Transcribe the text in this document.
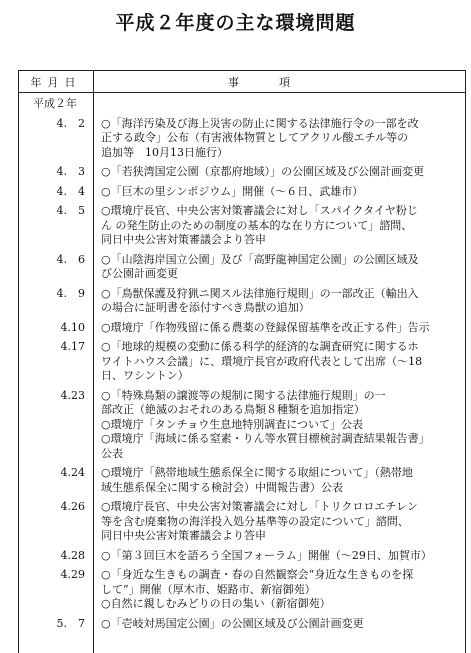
平成２年度の主な環境問題
年月日	事項
平成２年

4.　2 ○「海洋汚染及び海上災害の防止に関する法律施行令の一部を改
正する政令」公布（有害液体物質としてアクリル酸エチル等の
追加等　10月13日施行）
4.　3 ○「若狭湾国定公園（京都府地域）」の公園区域及び公園計画変更
4.　4 ○「巨木の里シンポジウム」開催（～６日、武雄市）
4.　5 ○環境庁長官、中央公害対策審議会に対し「スパイクタイヤ粉じ
ん の発生防止のための制度の基本的な在り方について」諮問、
同日中央公害対策審議会より答申
4.　6 ○「山陰海岸国立公園」及び「高野龍神国定公園」の公園区域及
び公園計画変更
4.　9 ○「鳥獣保護及狩猟ニ関スル法律施行規則」の一部改正（輸出入
の場合に証明書を添付すべき鳥獣の追加）
4.10 ○環境庁「作物残留に係る農薬の登録保留基準を改正する件」告示
4.17 ○「地球的規模の変動に係る科学的経済的な調査研究に関するホ
ワイトハウス会議」に、環境庁長官が政府代表として出席（～18
日、ワシントン）
4.23 ○「特殊鳥類の譲渡等の規制に関する法律施行規則」の一
部改正（絶滅のおそれのある鳥類８種類を追加指定）
○環境庁「タンチョウ生息地特別調査について」公表
○環境庁「海域に係る窒素・りん等水質目標検討調査結果報告書」
公表
4.24 ○環境庁「熱帯地域生態系保全に関する取組について」（熱帯地
域生態系保全に関する検討会）中間報告書）公表
4.26 ○環境庁長官、中央公害対策審議会に対し「トリクロロエチレン
等を含む廃棄物の海洋投入処分基準等の設定について」諮問、
同日中央公害対策審議会より答申
4.28 ○「第３回巨木を語ろう全国フォーラム」開催（～29日、加賀市）
4.29 ○「身近な生きもの調査・春の自然観察会“身近な生きものを探
して”」開催（厚木市、姫路市、新宿御苑）
○自然に親しむみどりの日の集い（新宿御苑）
5.　7 ○「壱岐対馬国定公園」の公園区域及び公園計画変更
